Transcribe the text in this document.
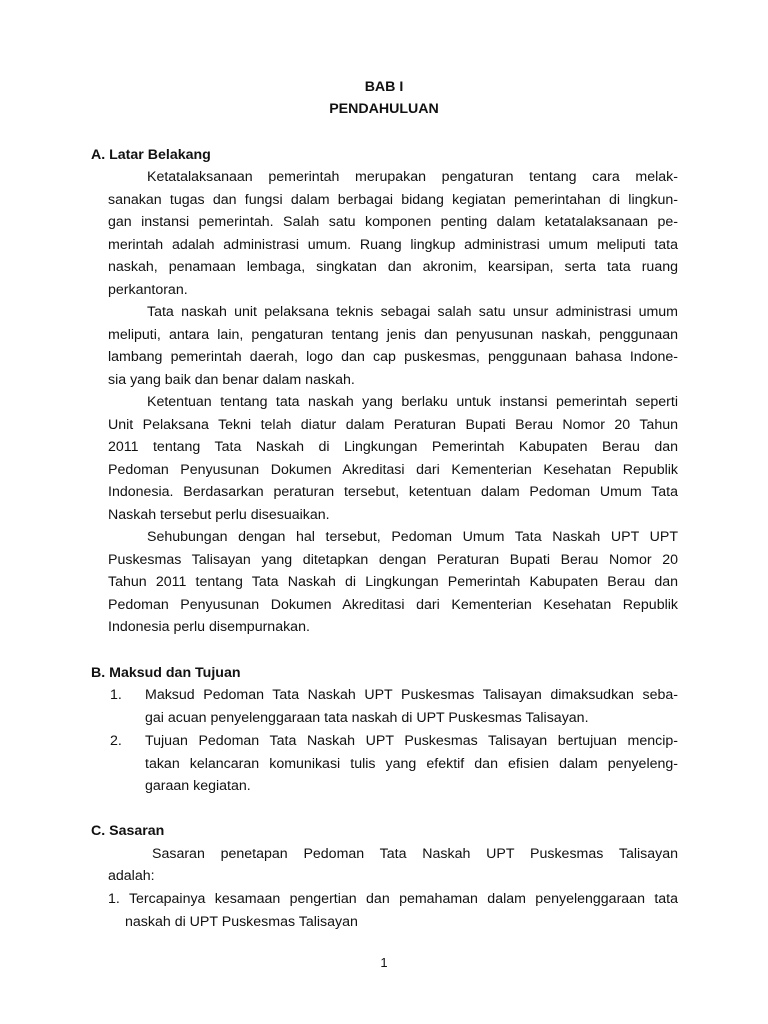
BAB I
PENDAHULUAN
A. Latar Belakang
Ketatalaksanaan pemerintah merupakan pengaturan tentang cara melak-
sanakan tugas dan fungsi dalam berbagai bidang kegiatan pemerintahan di lingkun-
gan instansi pemerintah. Salah satu komponen penting dalam ketatalaksanaan pe-
merintah adalah administrasi umum. Ruang lingkup administrasi umum meliputi tata
naskah, penamaan lembaga, singkatan dan akronim, kearsipan, serta tata ruang
perkantoran.
Tata naskah unit pelaksana teknis sebagai salah satu unsur administrasi umum
meliputi, antara lain, pengaturan tentang jenis dan penyusunan naskah, penggunaan
lambang pemerintah daerah, logo dan cap puskesmas, penggunaan bahasa Indone-
sia yang baik dan benar dalam naskah.
Ketentuan tentang tata naskah yang berlaku untuk instansi pemerintah seperti
Unit Pelaksana Tekni telah diatur dalam Peraturan Bupati Berau Nomor 20 Tahun
2011 tentang Tata Naskah di Lingkungan Pemerintah Kabupaten Berau dan
Pedoman Penyusunan Dokumen Akreditasi dari Kementerian Kesehatan Republik
Indonesia. Berdasarkan peraturan tersebut, ketentuan dalam Pedoman Umum Tata
Naskah tersebut perlu disesuaikan.
Sehubungan dengan hal tersebut, Pedoman Umum Tata Naskah UPT UPT
Puskesmas Talisayan yang ditetapkan dengan Peraturan Bupati Berau Nomor 20
Tahun 2011 tentang Tata Naskah di Lingkungan Pemerintah Kabupaten Berau dan
Pedoman Penyusunan Dokumen Akreditasi dari Kementerian Kesehatan Republik
Indonesia perlu disempurnakan.
B. Maksud dan Tujuan
1. Maksud Pedoman Tata Naskah UPT Puskesmas Talisayan dimaksudkan seba-
gai acuan penyelenggaraan tata naskah di UPT Puskesmas Talisayan.
2. Tujuan Pedoman Tata Naskah UPT Puskesmas Talisayan bertujuan mencip-
takan kelancaran komunikasi tulis yang efektif dan efisien dalam penyeleng-
garaan kegiatan.
C. Sasaran
Sasaran penetapan Pedoman Tata Naskah UPT Puskesmas Talisayan
adalah:
1. Tercapainya kesamaan pengertian dan pemahaman dalam penyelenggaraan tata
naskah di UPT Puskesmas Talisayan
1
